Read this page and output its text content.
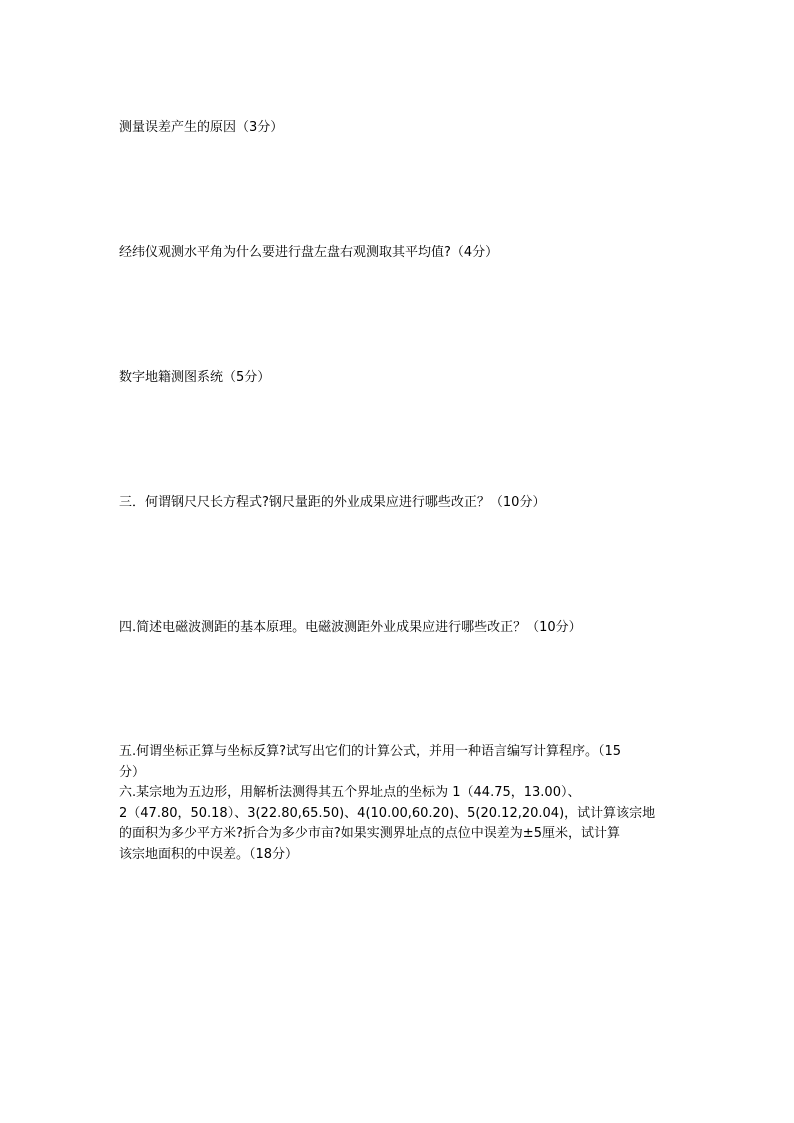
测量误差产生的原因（3分）

经纬仪观测水平角为什么要进行盘左盘右观测取其平均值?（4分）

数字地籍测图系统（5分）

三．何谓钢尺尺长方程式?钢尺量距的外业成果应进行哪些改正？（10分）

四.简述电磁波测距的基本原理。电磁波测距外业成果应进行哪些改正？（10分）

五.何谓坐标正算与坐标反算?试写出它们的计算公式，并用一种语言编写计算程序。（15
分）
六.某宗地为五边形，用解析法测得其五个界址点的坐标为 1（44.75，13.00）、
2（47.80，50.18）、3(22.80,65.50)、4(10.00,60.20)、5(20.12,20.04)，试计算该宗地
的面积为多少平方米?折合为多少市亩?如果实测界址点的点位中误差为±5厘米，试计算
该宗地面积的中误差。（18分）
